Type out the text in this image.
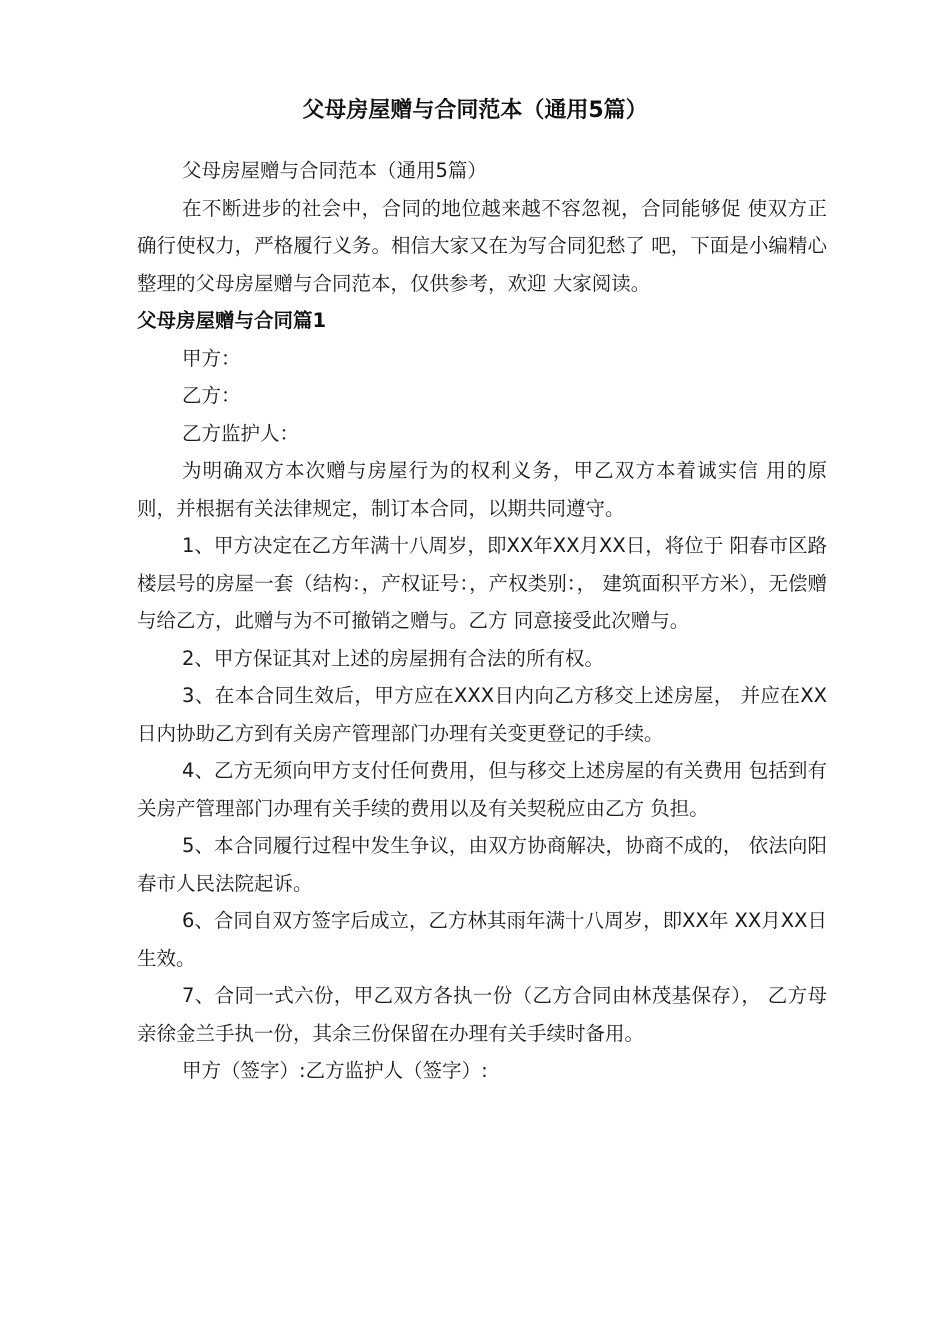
父母房屋赠与合同范本（通用5篇）

父母房屋赠与合同范本（通用5篇）

在不断进步的社会中，合同的地位越来越不容忽视，合同能够促 使双方正确行使权力，严格履行义务。相信大家又在为写合同犯愁了 吧，下面是小编精心整理的父母房屋赠与合同范本，仅供参考，欢迎 大家阅读。

父母房屋赠与合同篇1

甲方：

乙方：

乙方监护人：

为明确双方本次赠与房屋行为的权利义务，甲乙双方本着诚实信 用的原则，并根据有关法律规定，制订本合同，以期共同遵守。

1、甲方决定在乙方年满十八周岁，即XX年XX月XX日，将位于 阳春市区路楼层号的房屋一套（结构：，产权证号：，产权类别：， 建筑面积平方米），无偿赠与给乙方，此赠与为不可撤销之赠与。乙方 同意接受此次赠与。

2、甲方保证其对上述的房屋拥有合法的所有权。

3、在本合同生效后，甲方应在XXX日内向乙方移交上述房屋， 并应在XX日内协助乙方到有关房产管理部门办理有关变更登记的手续。

4、乙方无须向甲方支付任何费用，但与移交上述房屋的有关费用 包括到有关房产管理部门办理有关手续的费用以及有关契税应由乙方 负担。

5、本合同履行过程中发生争议，由双方协商解决，协商不成的， 依法向阳春市人民法院起诉。

6、合同自双方签字后成立，乙方林其雨年满十八周岁，即XX年 XX月XX日生效。

7、合同一式六份，甲乙双方各执一份（乙方合同由林茂基保存）， 乙方母亲徐金兰手执一份，其余三份保留在办理有关手续时备用。

甲方（签字）:乙方监护人（签字）:
